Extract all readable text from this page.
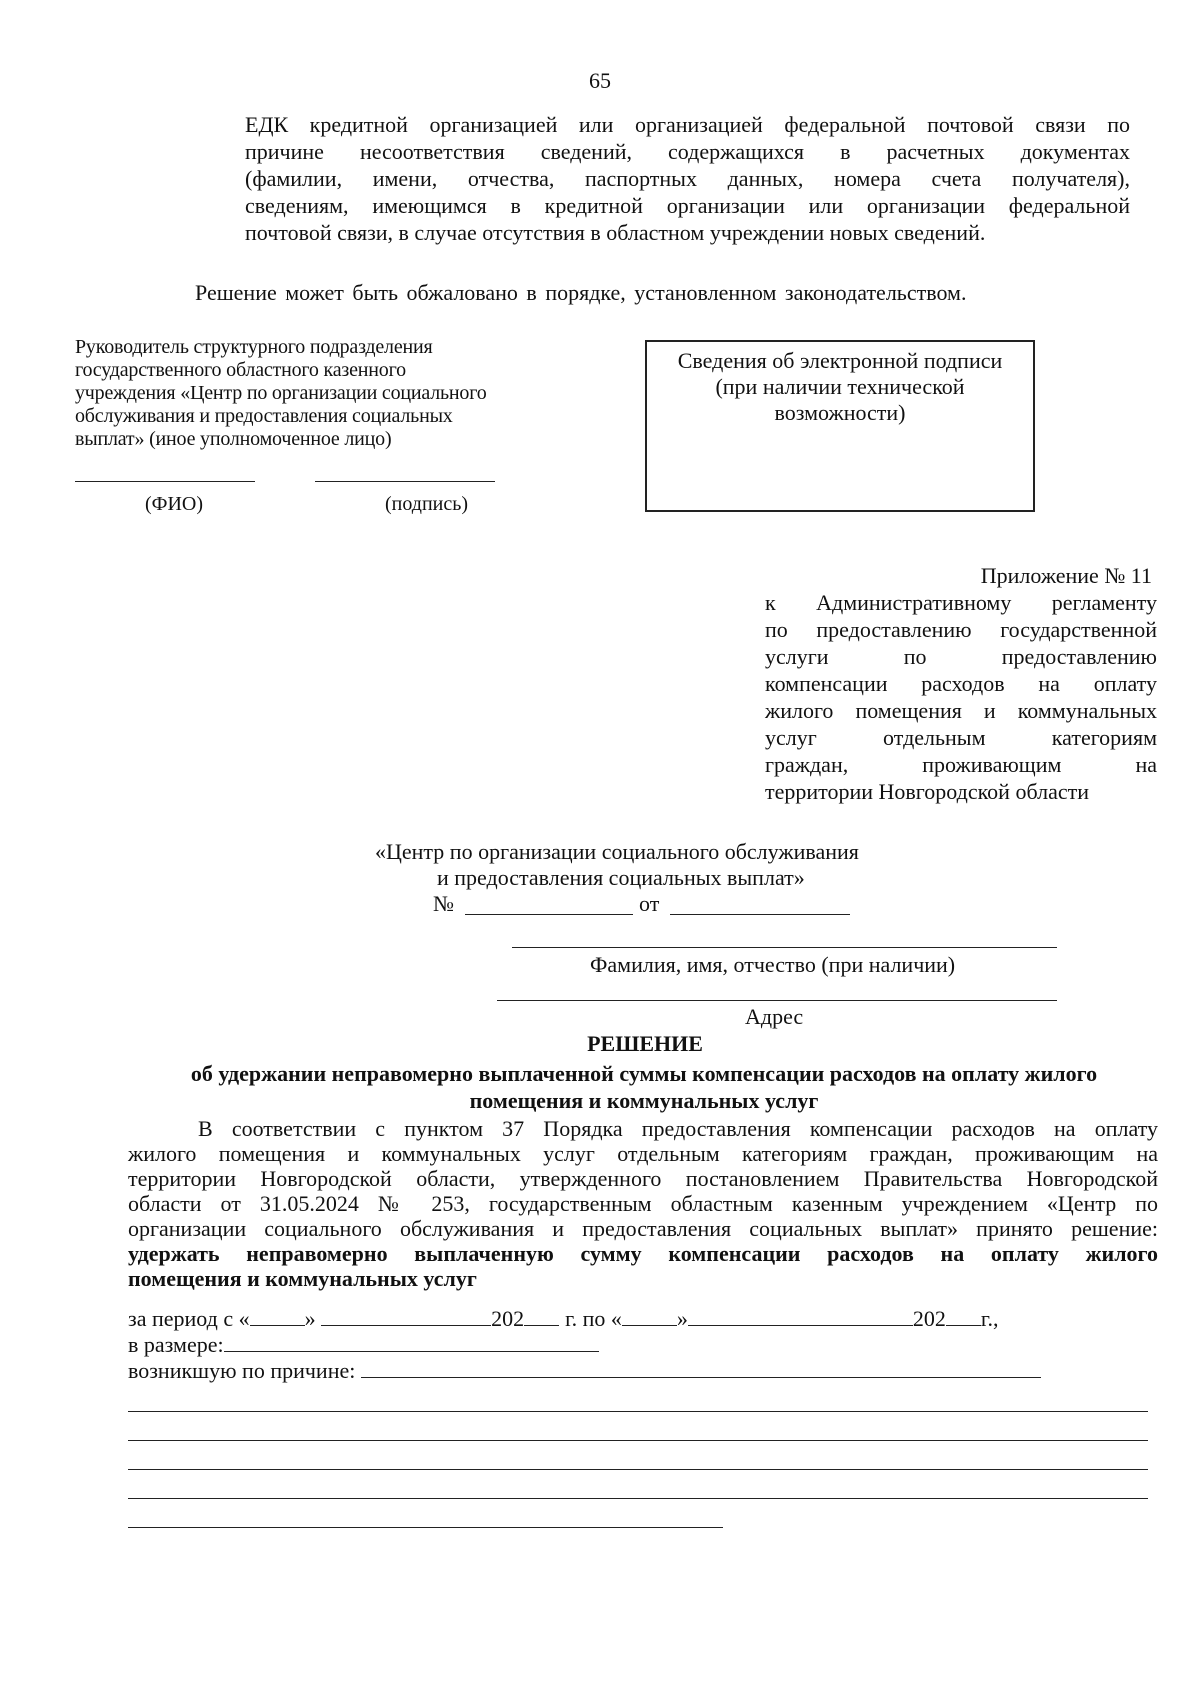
65
ЕДК кредитной организацией или организацией федеральной почтовой связи по
причине несоответствия сведений, содержащихся в расчетных документах
(фамилии, имени, отчества, паспортных данных, номера счета получателя),
сведениям, имеющимся в кредитной организации или организации федеральной
почтовой связи, в случае отсутствия в областном учреждении новых сведений.
Решение может быть обжаловано в порядке, установленном законодательством.
Руководитель структурного подразделения
государственного областного казенного
учреждения «Центр по организации социального
обслуживания и предоставления социальных
выплат» (иное уполномоченное лицо)
(ФИО)	(подпись)
Сведения об электронной подписи
(при наличии технической
возможности)
Приложение № 11
к Административному регламенту
по предоставлению государственной
услуги по предоставлению
компенсации расходов на оплату
жилого помещения и коммунальных
услуг отдельным категориям
граждан, проживающим на
территории Новгородской области
«Центр по организации социального обслуживания
и предоставления социальных выплат»
№	от
Фамилия, имя, отчество (при наличии)
Адрес
РЕШЕНИЕ
об удержании неправомерно выплаченной суммы компенсации расходов на оплату жилого
помещения и коммунальных услуг
В соответствии с пунктом 37 Порядка предоставления компенсации расходов на оплату
жилого помещения и коммунальных услуг отдельным категориям граждан, проживающим на
территории Новгородской области, утвержденного постановлением Правительства Новгородской
области от 31.05.2024 № 253, государственным областным казенным учреждением «Центр по
организации социального обслуживания и предоставления социальных выплат» принято решение:
удержать неправомерно выплаченную сумму компенсации расходов на оплату жилого
помещения и коммунальных услуг
за период с «	»	202 г. по «	»	202 г.,
в размере:
возникшую по причине:
